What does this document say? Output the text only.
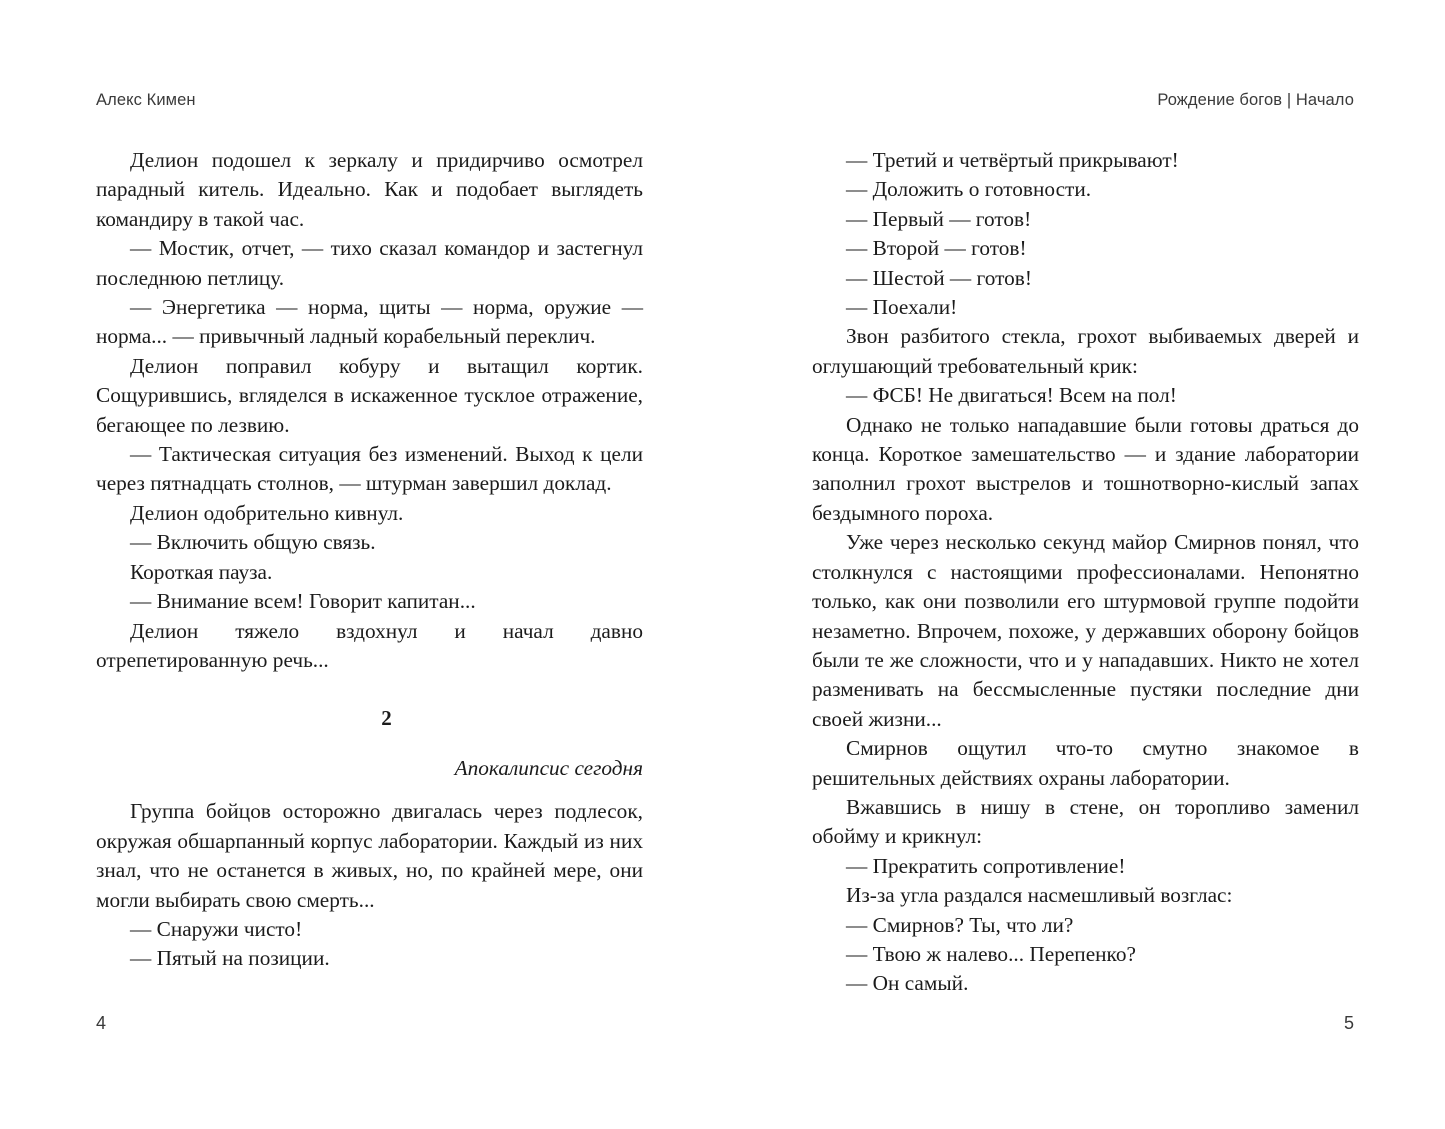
Алекс Кимен

Делион подошел к зеркалу и придирчиво осмотрел парадный китель. Идеально. Как и подобает выглядеть командиру в такой час.

— Мостик, отчет, — тихо сказал командор и застегнул последнюю петлицу.

— Энергетика — норма, щиты — норма, оружие — норма... — привычный ладный корабельный переклич.

Делион поправил кобуру и вытащил кортик. Сощурившись, вгляделся в искаженное тусклое отражение, бегающее по лезвию.

— Тактическая ситуация без изменений. Выход к цели через пятнадцать столнов, — штурман завершил доклад.

Делион одобрительно кивнул.

— Включить общую связь.

Короткая пауза.

— Внимание всем! Говорит капитан...

Делион тяжело вздохнул и начал давно отрепетированную речь...

2

Апокалипсис сегодня

Группа бойцов осторожно двигалась через подлесок, окружая обшарпанный корпус лаборатории. Каждый из них знал, что не останется в живых, но, по крайней мере, они могли выбирать свою смерть...

— Снаружи чисто!

— Пятый на позиции.

4
Рождение богов | Начало

— Третий и четвёртый прикрывают!

— Доложить о готовности.

— Первый — готов!

— Второй — готов!

— Шестой — готов!

— Поехали!

Звон разбитого стекла, грохот выбиваемых дверей и оглушающий требовательный крик:

— ФСБ! Не двигаться! Всем на пол!

Однако не только нападавшие были готовы драться до конца. Короткое замешательство — и здание лаборатории заполнил грохот выстрелов и тошнотворно-кислый запах бездымного пороха.

Уже через несколько секунд майор Смирнов понял, что столкнулся с настоящими профессионалами. Непонятно только, как они позволили его штурмовой группе подойти незаметно. Впрочем, похоже, у державших оборону бойцов были те же сложности, что и у нападавших. Никто не хотел разменивать на бессмысленные пустяки последние дни своей жизни...

Смирнов ощутил что-то смутно знакомое в решительных действиях охраны лаборатории.

Вжавшись в нишу в стене, он торопливо заменил обойму и крикнул:

— Прекратить сопротивление!

Из-за угла раздался насмешливый возглас:

— Смирнов? Ты, что ли?

— Твою ж налево... Перепенко?

— Он самый.

5
